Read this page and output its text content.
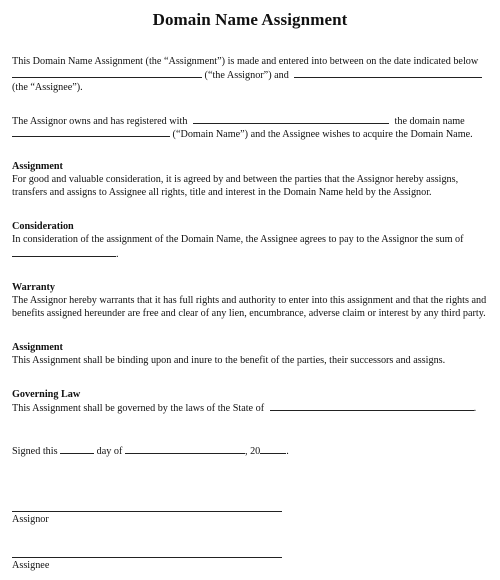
Domain Name Assignment
This Domain Name Assignment (the “Assignment”) is made and entered into between on the date indicated below
(“the Assignor”) and
(the “Assignee”).
The Assignor owns and has registered with	the domain name
(“Domain Name”) and the Assignee wishes to acquire the Domain Name.
Assignment
For good and valuable consideration, it is agreed by and between the parties that the Assignor hereby assigns,
transfers and assigns to Assignee all rights, title and interest in the Domain Name held by the Assignor.
Consideration
In consideration of the assignment of the Domain Name, the Assignee agrees to pay to the Assignor the sum of
.
Warranty
The Assignor hereby warrants that it has full rights and authority to enter into this assignment and that the rights and
benefits assigned hereunder are free and clear of any lien, encumbrance, adverse claim or interest by any third party.
Assignment
This Assignment shall be binding upon and inure to the benefit of the parties, their successors and assigns.
Governing Law
This Assignment shall be governed by the laws of the State of	.
Signed this	day of	, 20	.
Assignor
Assignee
